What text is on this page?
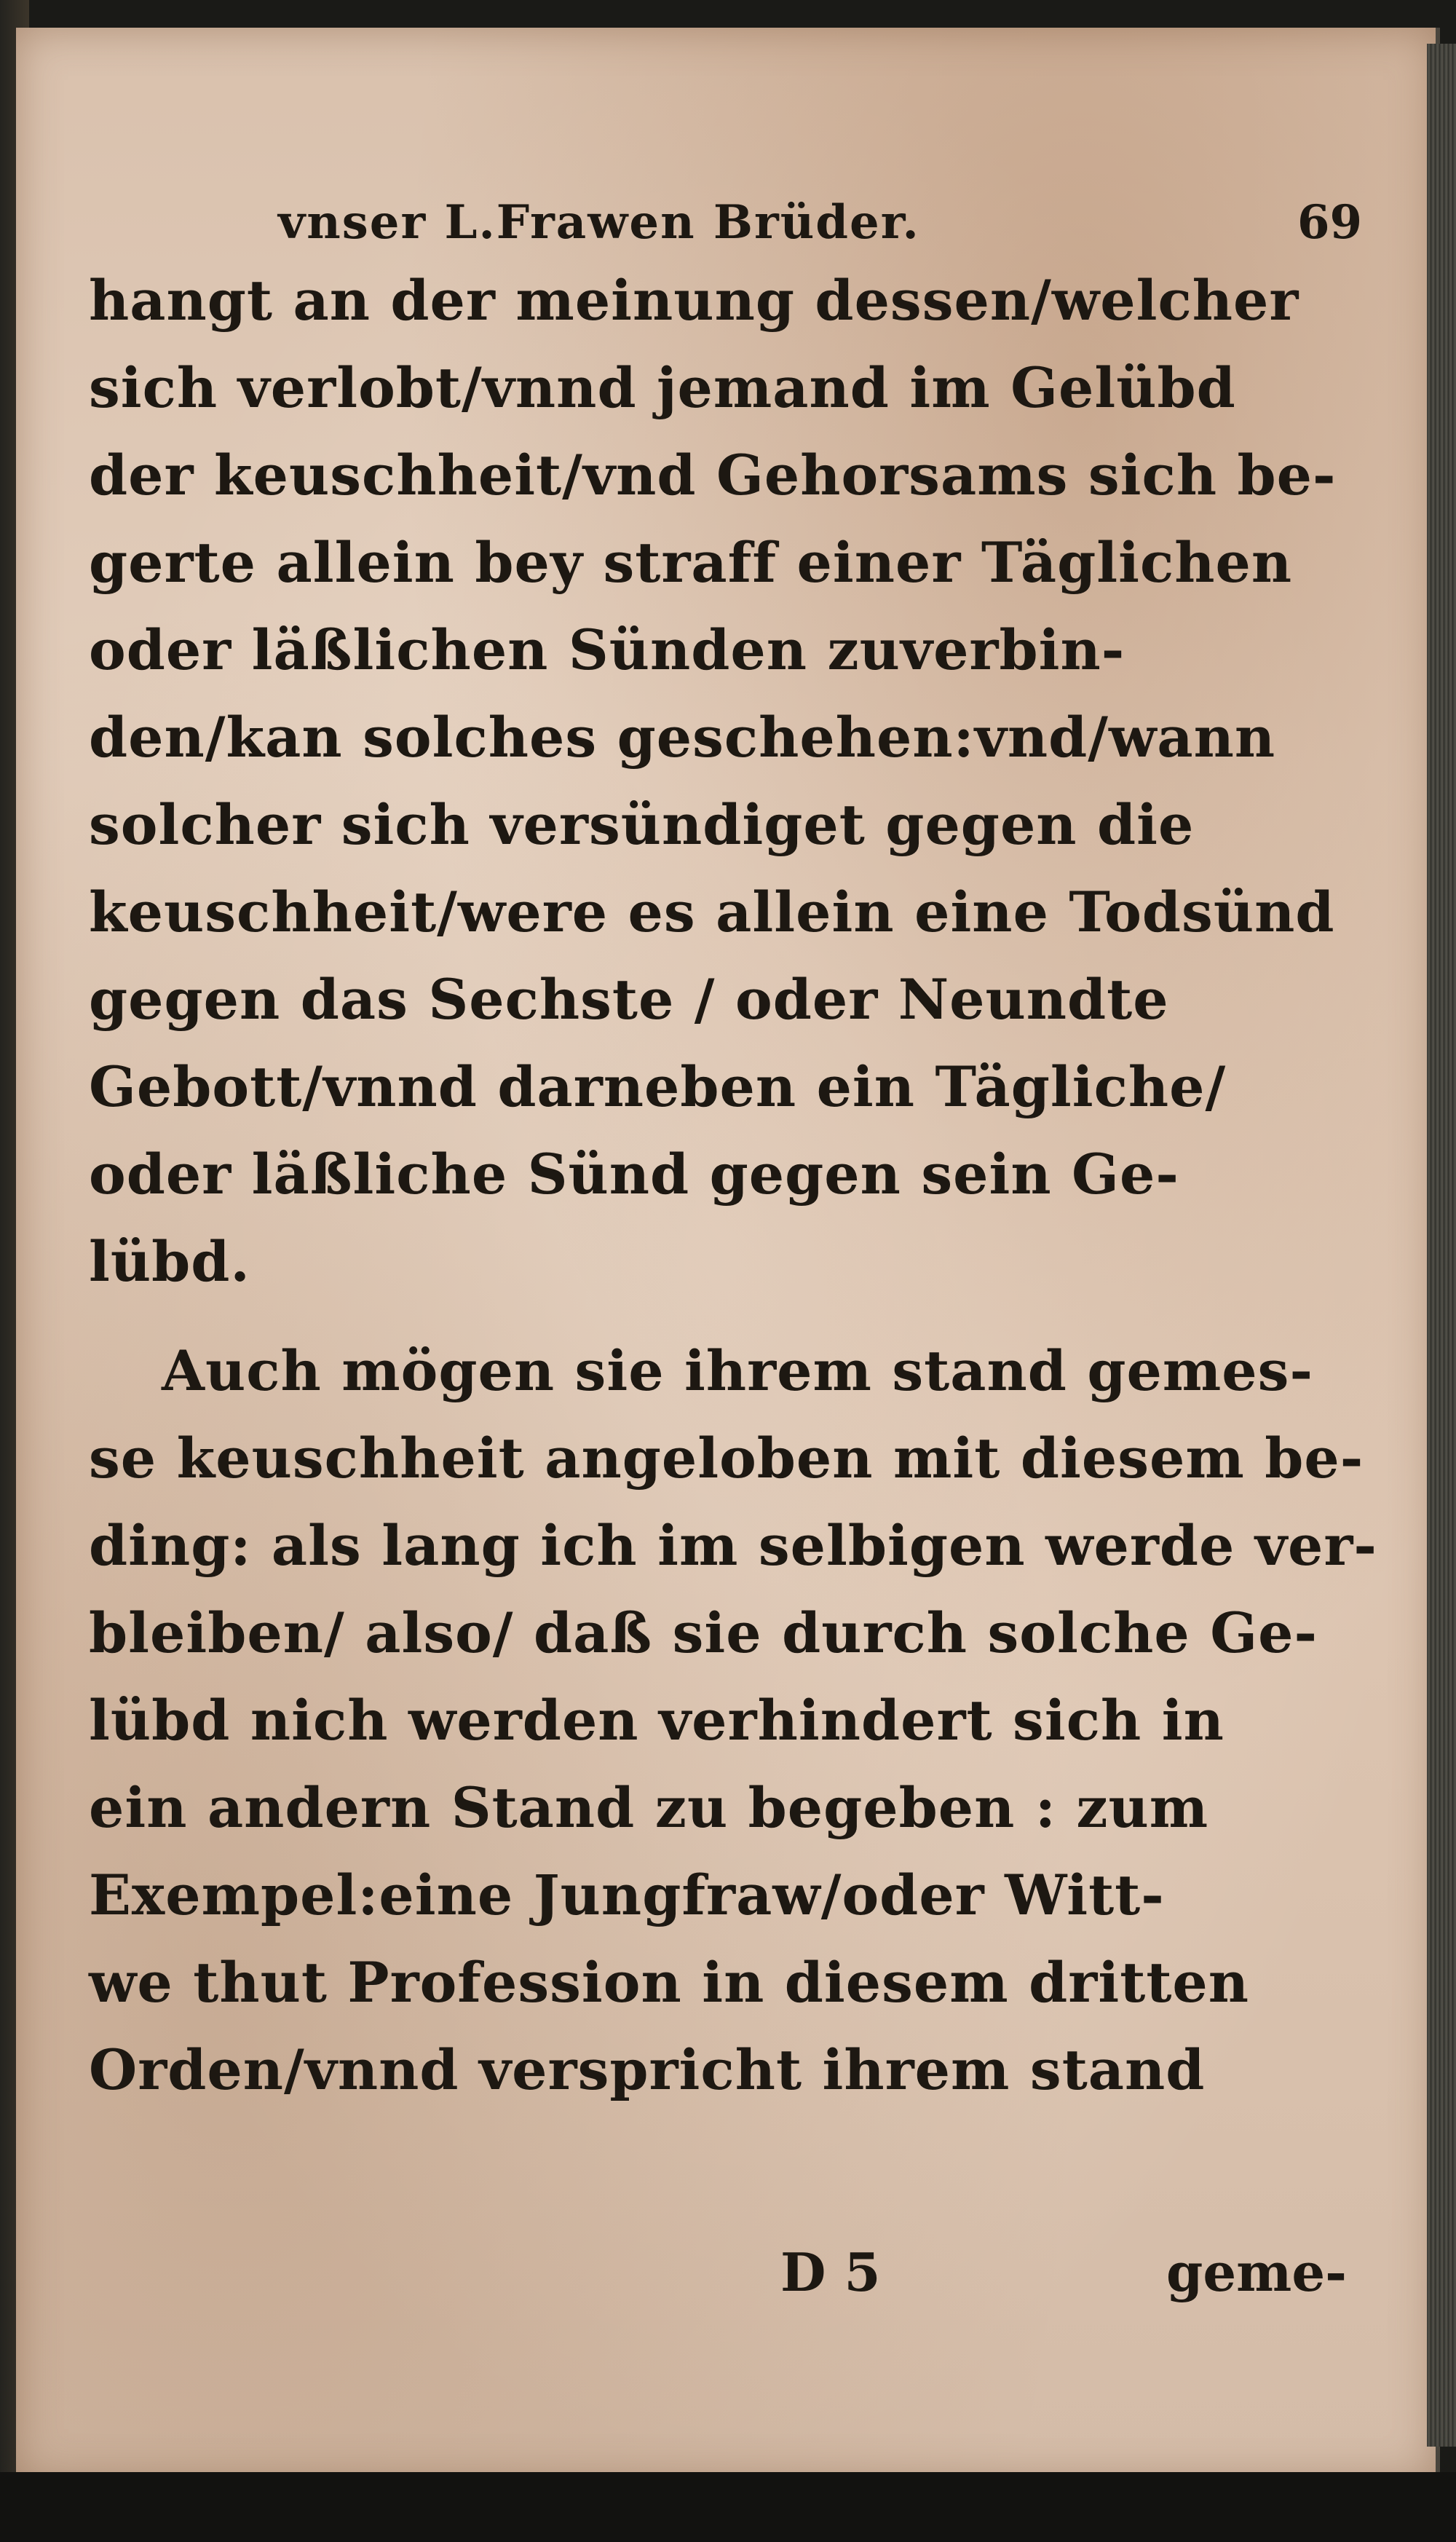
vnser L.Frawen Brüder.	69
hangt an der meinung dessen/welcher
sich verlobt/vnnd jemand im Gelübd
der keuschheit/vnd Gehorsams sich be-
gerte allein bey straff einer Täglichen
oder läßlichen Sünden zuverbin-
den/kan solches geschehen:vnd/wann
solcher sich versündiget gegen die
keuschheit/were es allein eine Todsünd
gegen das Sechste / oder Neundte
Gebott/vnnd darneben ein Tägliche/
oder läßliche Sünd gegen sein Ge-
lübd.
Auch mögen sie ihrem stand gemes-
se keuschheit angeloben mit diesem be-
ding: als lang ich im selbigen werde ver-
bleiben/ also/ daß sie durch solche Ge-
lübd nich werden verhindert sich in
ein andern Stand zu begeben : zum
Exempel:eine Jungfraw/oder Witt-
we thut Profession in diesem dritten
Orden/vnnd verspricht ihrem stand
D 5	geme-
